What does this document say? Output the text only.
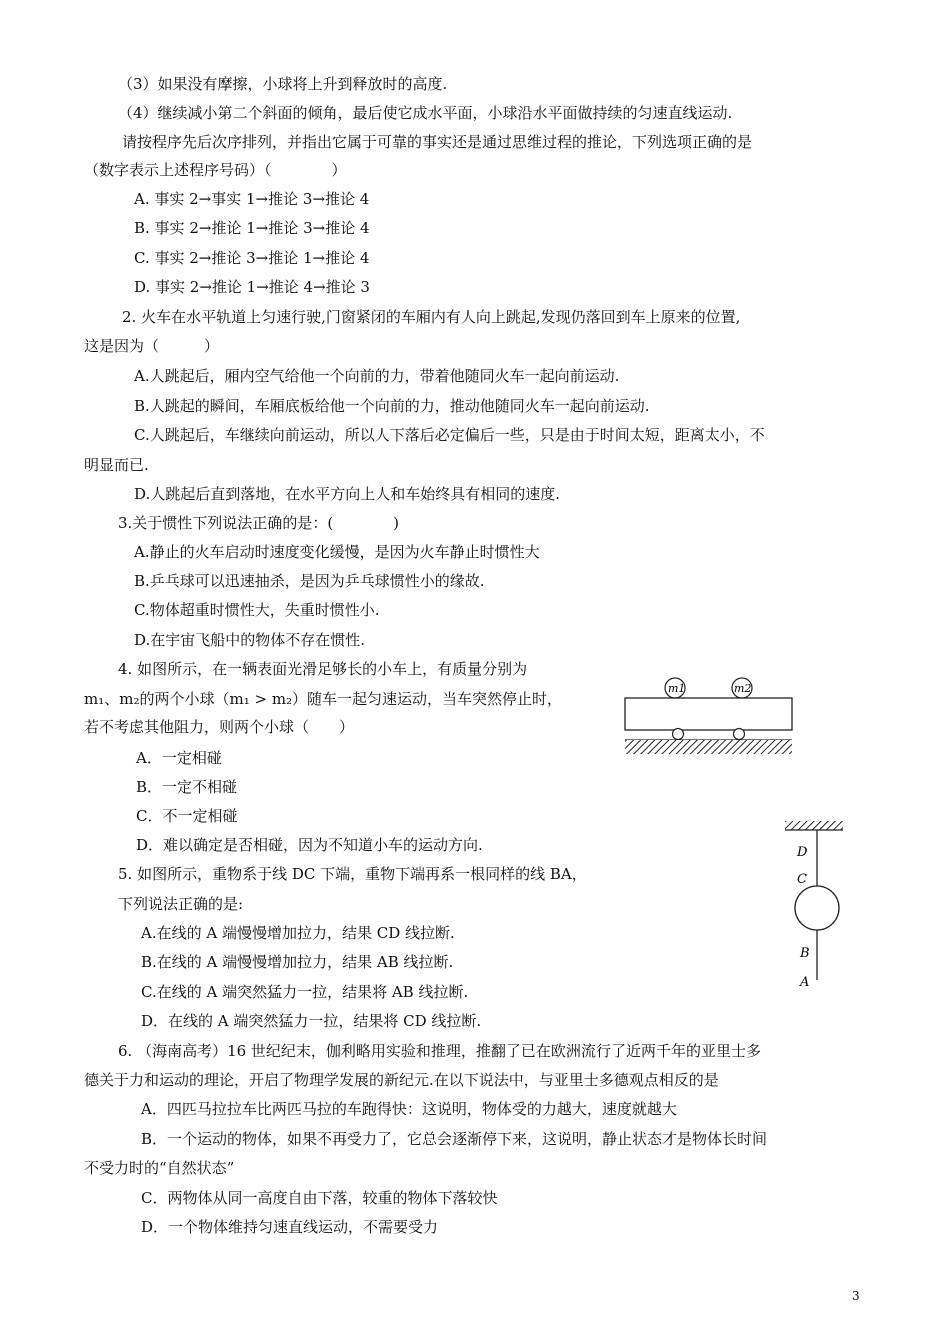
（3）如果没有摩擦，小球将上升到释放时的高度.
（4）继续减小第二个斜面的倾角，最后使它成水平面，小球沿水平面做持续的匀速直线运动.
请按程序先后次序排列，并指出它属于可靠的事实还是通过思维过程的推论，下列选项正确的是
（数字表示上述程序号码）（　　　　）
A. 事实 2→事实 1→推论 3→推论 4
B. 事实 2→推论 1→推论 3→推论 4
C. 事实 2→推论 3→推论 1→推论 4
D. 事实 2→推论 1→推论 4→推论 3
2. 火车在水平轨道上匀速行驶,门窗紧闭的车厢内有人向上跳起,发现仍落回到车上原来的位置,
这是因为（　　　）
A.人跳起后，厢内空气给他一个向前的力，带着他随同火车一起向前运动.
B.人跳起的瞬间，车厢底板给他一个向前的力，推动他随同火车一起向前运动.
C.人跳起后，车继续向前运动，所以人下落后必定偏后一些，只是由于时间太短，距离太小，不
明显而已.
D.人跳起后直到落地，在水平方向上人和车始终具有相同的速度.
3.关于惯性下列说法正确的是：(　　　　)
A.静止的火车启动时速度变化缓慢，是因为火车静止时惯性大
B.乒乓球可以迅速抽杀，是因为乒乓球惯性小的缘故.
C.物体超重时惯性大，失重时惯性小.
D.在宇宙飞船中的物体不存在惯性.
4. 如图所示，在一辆表面光滑足够长的小车上，有质量分别为
m₁、m₂的两个小球（m₁ > m₂）随车一起匀速运动，当车突然停止时，
若不考虑其他阻力，则两个小球（　　）
A．一定相碰
B．一定不相碰
C．不一定相碰
D．难以确定是否相碰，因为不知道小车的运动方向.
5. 如图所示，重物系于线 DC 下端，重物下端再系一根同样的线 BA，
下列说法正确的是:
A.在线的 A 端慢慢增加拉力，结果 CD 线拉断.
B.在线的 A 端慢慢增加拉力，结果 AB 线拉断.
C.在线的 A 端突然猛力一拉，结果将 AB 线拉断.
D．在线的 A 端突然猛力一拉，结果将 CD 线拉断.
6. （海南高考）16 世纪纪末，伽利略用实验和推理，推翻了已在欧洲流行了近两千年的亚里士多
德关于力和运动的理论，开启了物理学发展的新纪元.在以下说法中，与亚里士多德观点相反的是
A．四匹马拉拉车比两匹马拉的车跑得快：这说明，物体受的力越大，速度就越大
B．一个运动的物体，如果不再受力了，它总会逐渐停下来，这说明，静止状态才是物体长时间
不受力时的“自然状态”
C．两物体从同一高度自由下落，较重的物体下落较快
D．一个物体维持匀速直线运动，不需要受力
m1	m2
D
C
B
A
3
